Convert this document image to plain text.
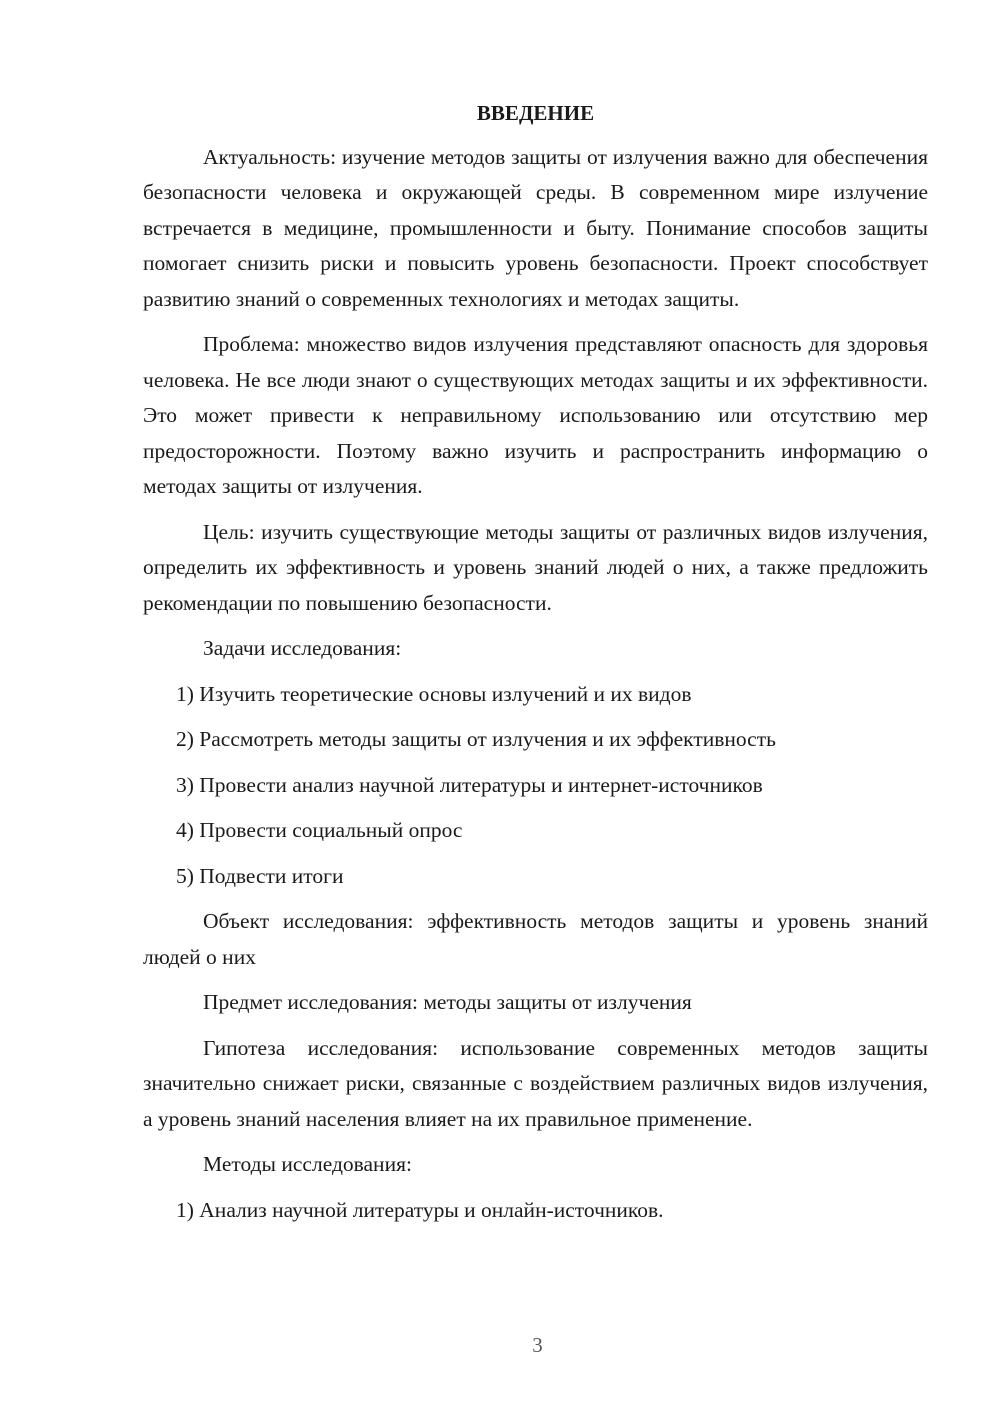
ВВЕДЕНИЕ

Актуальность: изучение методов защиты от излучения важно для обеспечения безопасности человека и окружающей среды. В современном мире излучение встречается в медицине, промышленности и быту. Понимание способов защиты помогает снизить риски и повысить уровень безопасности. Проект способствует развитию знаний о современных технологиях и методах защиты.

Проблема: множество видов излучения представляют опасность для здоровья человека. Не все люди знают о существующих методах защиты и их эффективности. Это может привести к неправильному использованию или отсутствию мер предосторожности. Поэтому важно изучить и распространить информацию о методах защиты от излучения.

Цель: изучить существующие методы защиты от различных видов излучения, определить их эффективность и уровень знаний людей о них, а также предложить рекомендации по повышению безопасности.

Задачи исследования:

1) Изучить теоретические основы излучений и их видов
2) Рассмотреть методы защиты от излучения и их эффективность
3) Провести анализ научной литературы и интернет-источников
4) Провести социальный опрос
5) Подвести итоги

Объект исследования: эффективность методов защиты и уровень знаний людей о них

Предмет исследования: методы защиты от излучения

Гипотеза исследования: использование современных методов защиты значительно снижает риски, связанные с воздействием различных видов излучения, а уровень знаний населения влияет на их правильное применение.

Методы исследования:

1) Анализ научной литературы и онлайн-источников.
3
